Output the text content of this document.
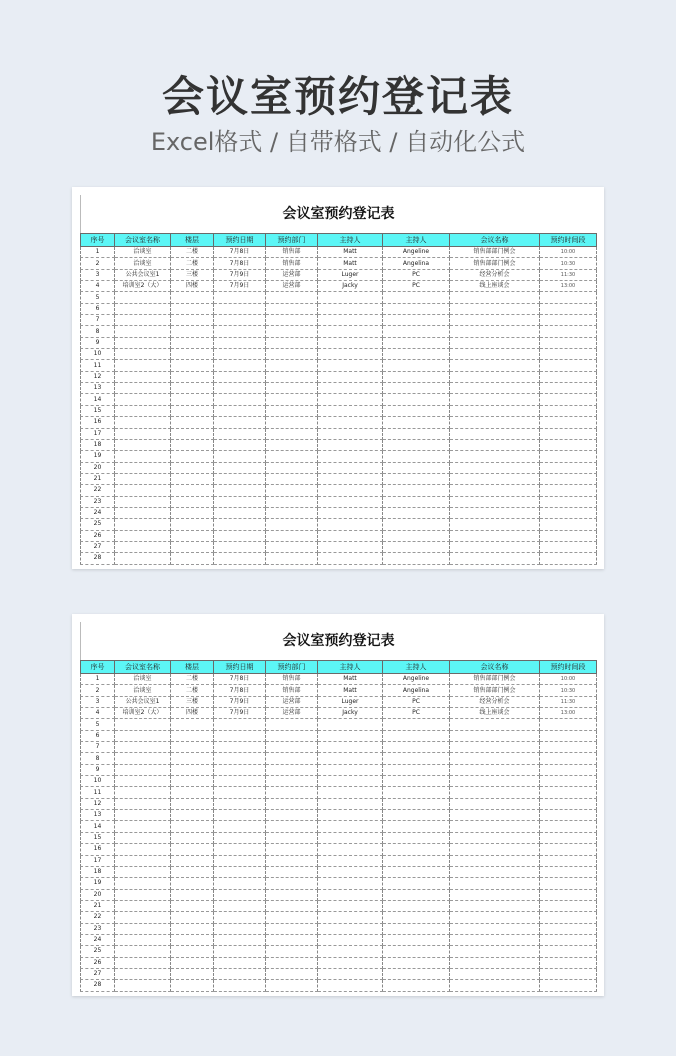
会议室预约登记表
Excel格式 / 自带格式 / 自动化公式
会议室预约登记表
序号	会议室名称	楼层	预约日期	预约部门	主持人	主持人	会议名称	预约时间段
1	洽谈室	二楼	7月8日	销售部	Matt	Angeline	销售部部门例会	10:00
2	洽谈室	二楼	7月8日	销售部	Matt	Angelina	销售部部门例会	10:30
3	公共会议室1	三楼	7月9日	运营部	Luger	PC	经营分析会	11:30
4	培训室2（大）	四楼	7月9日	运营部	Jacky	PC	线上座谈会	13:00
5								
6								
7								
8								
9								
10								
11								
12								
13								
14								
15								
16								
17								
18								
19								
20								
21								
22								
23								
24								
25								
26								
27								
28								
会议室预约登记表
序号	会议室名称	楼层	预约日期	预约部门	主持人	主持人	会议名称	预约时间段
1	洽谈室	二楼	7月8日	销售部	Matt	Angeline	销售部部门例会	10:00
2	洽谈室	二楼	7月8日	销售部	Matt	Angelina	销售部部门例会	10:30
3	公共会议室1	三楼	7月9日	运营部	Luger	PC	经营分析会	11:30
4	培训室2（大）	四楼	7月9日	运营部	Jacky	PC	线上座谈会	13:00
5								
6								
7								
8								
9								
10								
11								
12								
13								
14								
15								
16								
17								
18								
19								
20								
21								
22								
23								
24								
25								
26								
27								
28								
